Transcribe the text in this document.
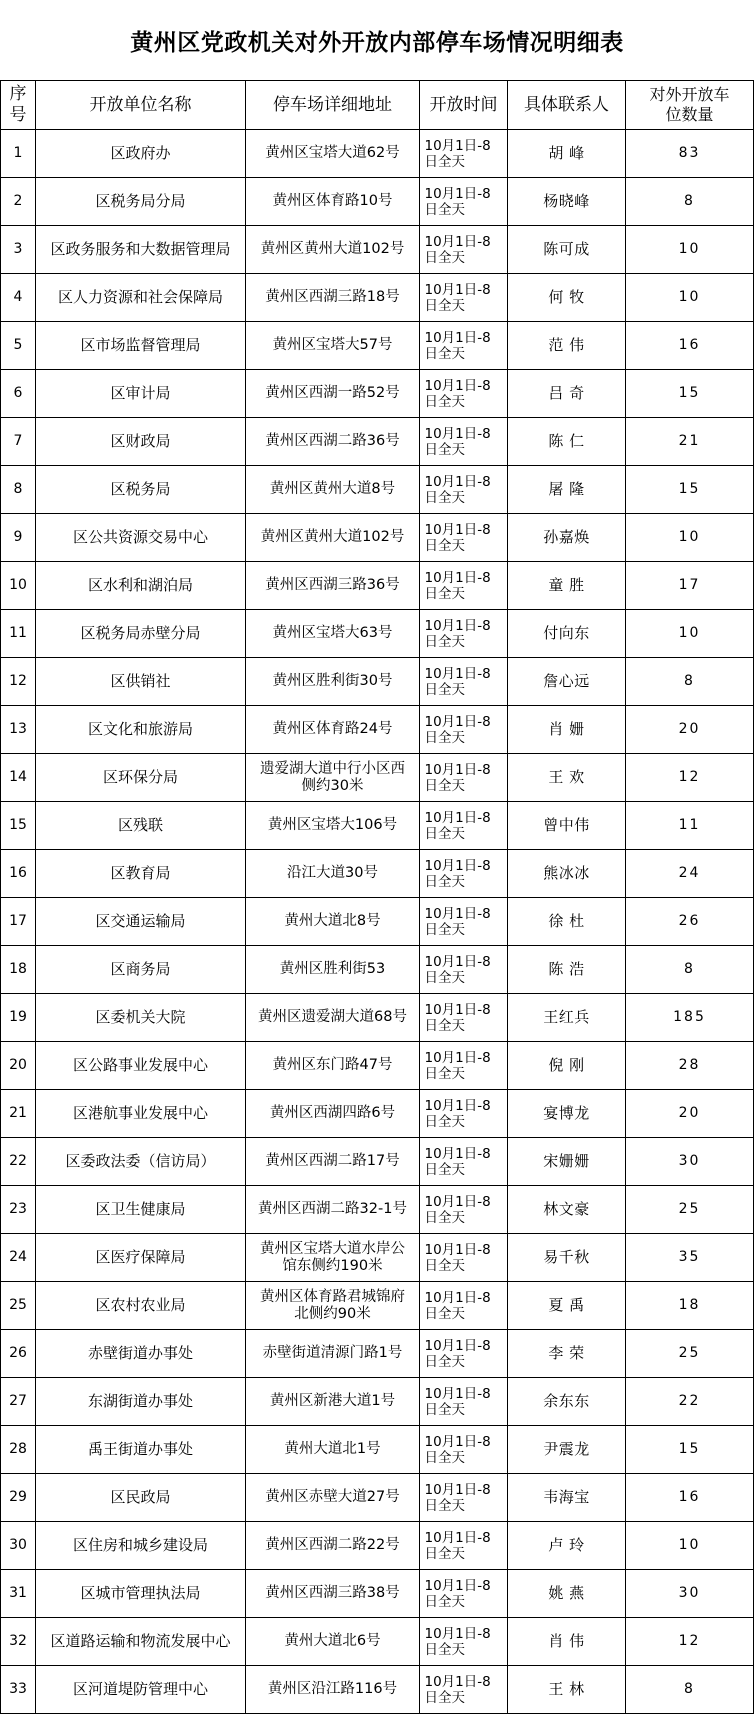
黄州区党政机关对外开放内部停车场情况明细表
序号	开放单位名称	停车场详细地址	开放时间	具体联系人	对外开放车位数量
1	区政府办	黄州区宝塔大道62号	10月1日-8日全天	胡 峰	83
2	区税务局分局	黄州区体育路10号	10月1日-8日全天	杨晓峰	8
3	区政务服务和大数据管理局	黄州区黄州大道102号	10月1日-8日全天	陈可成	10
4	区人力资源和社会保障局	黄州区西湖三路18号	10月1日-8日全天	何 牧	10
5	区市场监督管理局	黄州区宝塔大57号	10月1日-8日全天	范 伟	16
6	区审计局	黄州区西湖一路52号	10月1日-8日全天	吕 奇	15
7	区财政局	黄州区西湖二路36号	10月1日-8日全天	陈 仁	21
8	区税务局	黄州区黄州大道8号	10月1日-8日全天	屠 隆	15
9	区公共资源交易中心	黄州区黄州大道102号	10月1日-8日全天	孙嘉焕	10
10	区水利和湖泊局	黄州区西湖三路36号	10月1日-8日全天	童 胜	17
11	区税务局赤壁分局	黄州区宝塔大63号	10月1日-8日全天	付向东	10
12	区供销社	黄州区胜利街30号	10月1日-8日全天	詹心远	8
13	区文化和旅游局	黄州区体育路24号	10月1日-8日全天	肖 姗	20
14	区环保分局	遗爱湖大道中行小区西侧约30米	10月1日-8日全天	王 欢	12
15	区残联	黄州区宝塔大106号	10月1日-8日全天	曾中伟	11
16	区教育局	沿江大道30号	10月1日-8日全天	熊冰冰	24
17	区交通运输局	黄州大道北8号	10月1日-8日全天	徐 杜	26
18	区商务局	黄州区胜利街53	10月1日-8日全天	陈 浩	8
19	区委机关大院	黄州区遗爱湖大道68号	10月1日-8日全天	王红兵	185
20	区公路事业发展中心	黄州区东门路47号	10月1日-8日全天	倪 刚	28
21	区港航事业发展中心	黄州区西湖四路6号	10月1日-8日全天	宴博龙	20
22	区委政法委（信访局）	黄州区西湖二路17号	10月1日-8日全天	宋姗姗	30
23	区卫生健康局	黄州区西湖二路32-1号	10月1日-8日全天	林文豪	25
24	区医疗保障局	黄州区宝塔大道水岸公馆东侧约190米	10月1日-8日全天	易千秋	35
25	区农村农业局	黄州区体育路君城锦府北侧约90米	10月1日-8日全天	夏 禹	18
26	赤壁街道办事处	赤壁街道清源门路1号	10月1日-8日全天	李 荣	25
27	东湖街道办事处	黄州区新港大道1号	10月1日-8日全天	余东东	22
28	禹王街道办事处	黄州大道北1号	10月1日-8日全天	尹震龙	15
29	区民政局	黄州区赤壁大道27号	10月1日-8日全天	韦海宝	16
30	区住房和城乡建设局	黄州区西湖二路22号	10月1日-8日全天	卢 玲	10
31	区城市管理执法局	黄州区西湖三路38号	10月1日-8日全天	姚 燕	30
32	区道路运输和物流发展中心	黄州大道北6号	10月1日-8日全天	肖 伟	12
33	区河道堤防管理中心	黄州区沿江路116号	10月1日-8日全天	王 林	8
